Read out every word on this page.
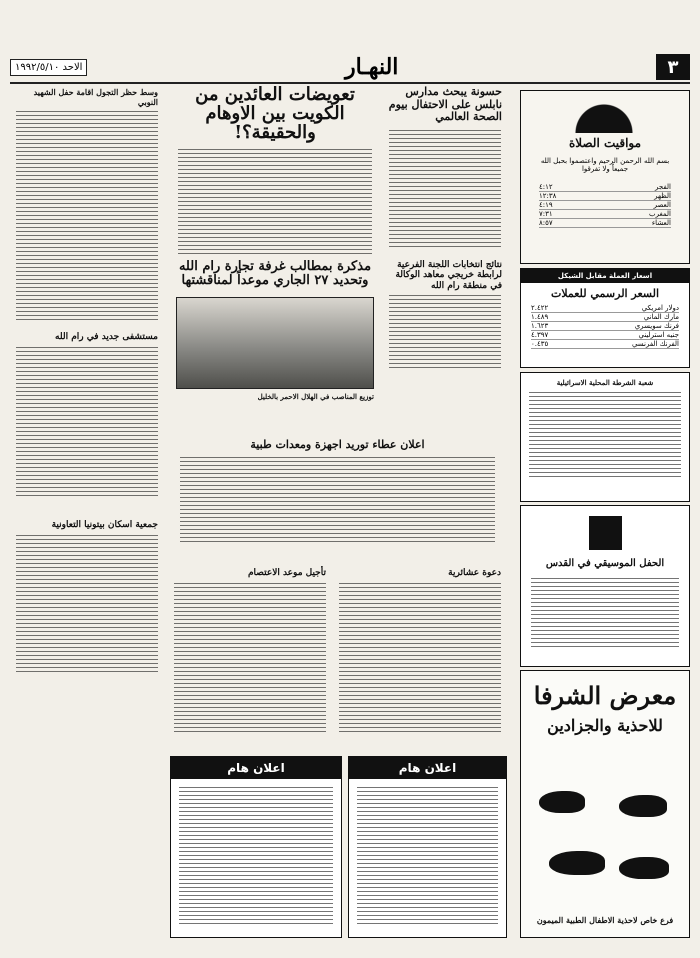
٣
النهـار
الاحد ١٩٩٢/٥/١٠
وسط حظر التجول اقامة حفل الشهيد النوبي	تعويضات العائدين من الكويت بين الاوهام والحقيقة؟!
حسونة يبحث مدارس نابلس على الاحتفال بيوم الصحة العالمي
مواقيت الصلاة
بسم الله الرحمن الرحيم واعتصموا بحبل الله جميعاً ولا تفرقوا
الفجر
٤:١٢
الظهر
١٢:٣٨
العصر
٤:١٩
المغرب
٧:٣١
العشاء
٨:٥٧
اسعار العملة مقابل الشيكل
السعر الرسمي للعملات
دولار امريكي
٢.٤٢٢
مارك الماني
١.٤٨٩
فرنك سويسري
١.٦٢٣
جنيه استرليني
٤.٣٩٧
الفرنك الفرنسي
٠.٤٣٥
مذكرة بمطالب غرفة تجارة رام الله وتحديد ٢٧ الجاري موعداً لمناقشتها
توزيع المناصب في الهلال الاحمر بالخليل
نتائج انتخابات اللجنة الفرعية لرابطة خريجي معاهد الوكالة في منطقة رام الله
مستشفى جديد في رام الله
شعبة الشرطة المحلية الاسرائيلية
اعلان عطاء توريد اجهزة ومعدات طبية
الحفل الموسيقي في القدس
جمعية اسكان بيتونيا التعاونية
تأجيل موعد الاعتصام	دعوة عشائرية
اعلان هام	اعلان هام
معرض الشرفا
للاحذية والجزادين
فرع خاص لاحذية الاطفال الطبية الميمون
